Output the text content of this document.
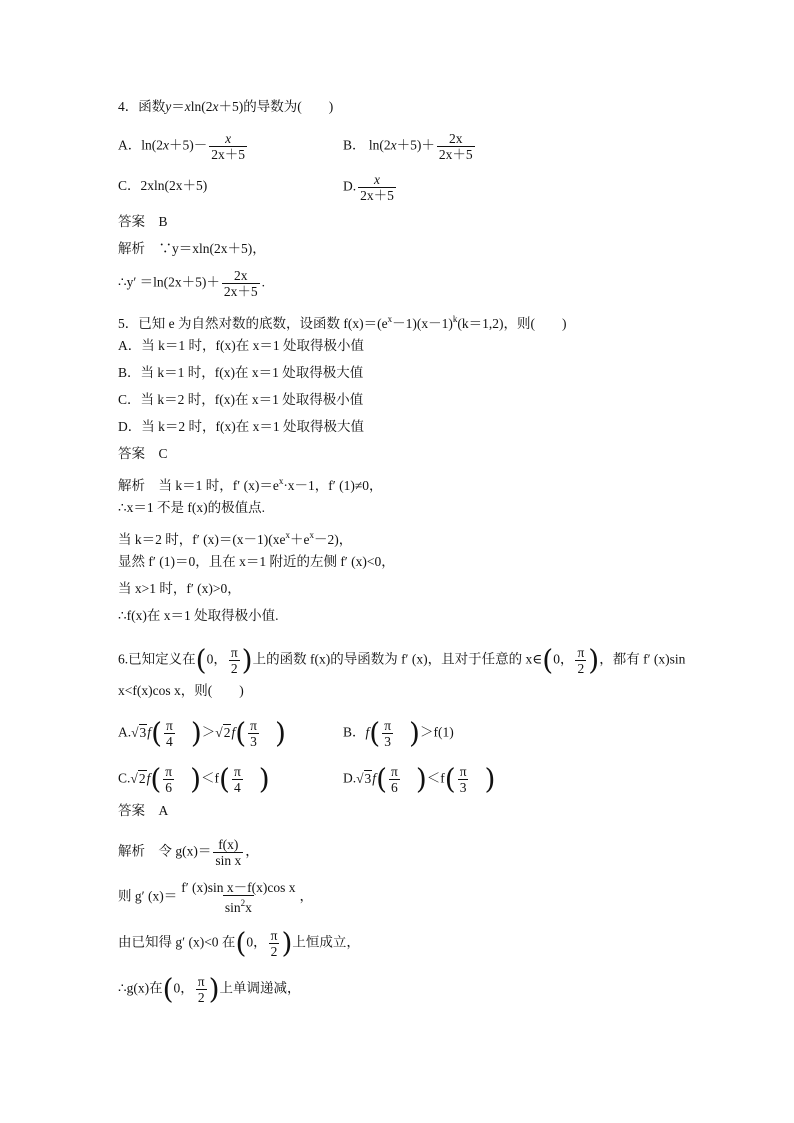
4．函数y＝xln(2x＋5)的导数为(　　)
A．$\ln(2x+5)- \frac{x}{2x+5}$	B． $\ln(2x+5)+ \frac{2x}{2x+5}$
C．2xln(2x＋5)	D. $\frac{x}{2x+5}$
答案　B
解析　∵y＝xln(2x＋5)，
∴y′ $=\ln(2x+5)+ \frac{2x}{2x+5}$ .
5．已知 e 为自然对数的底数，设函数 $f(x)=(e^x-1)(x-1)^k(k=1,2)$，则(　　)
A．当 k＝1 时，f(x)在 x＝1 处取得极小值
B．当 k＝1 时，f(x)在 x＝1 处取得极大值
C．当 k＝2 时，f(x)在 x＝1 处取得极小值
D．当 k＝2 时，f(x)在 x＝1 处取得极大值
答案　C
解析　当 k＝1 时，f′ $(x)=e^x\cdot x-1$，f′ (1)≠0，
∴x＝1 不是 f(x)的极值点.
当 k＝2 时，f′ $(x)=(x-1)(xe^x+e^x-2)$，
显然 f′ (1)＝0，且在 x＝1 附近的左侧 f′ (x)<0，
当 x>1 时，f′ (x)>0，
∴f(x)在 x＝1 处取得极小值.
6.已知定义在(0， $\frac{\pi}{2}$ )上的函数 f(x)的导函数为 f′ (x)，且对于任意的 x∈(0， $\frac{\pi}{2}$ )，都有 f′ (x)sin
x<f(x)cos x，则(　　)
$A.√3f( \frac{\pi}{4} )>√2f( \frac{\pi}{3}$ )	B．$f( \frac{\pi}{3} )>f(1)$
$C.√2f( \frac{\pi}{6} )<f( \frac{\pi}{4}$ )	$D.√3f( \frac{\pi}{6} )<f( \frac{\pi}{3}$ )
答案　A
解析　令 $g(x)= \frac{f(x)}{\text{sin x}}$ ，
则 g′ $(x)= \frac{\text{f′ (x)sin x－f(x)cos x}}{\sin^2x}$ ，
由已知得 g′ (x)<0 在(0， $\frac{\pi}{2}$ )上恒成立，
∴g(x)在(0， $\frac{\pi}{2}$ )上单调递减，
